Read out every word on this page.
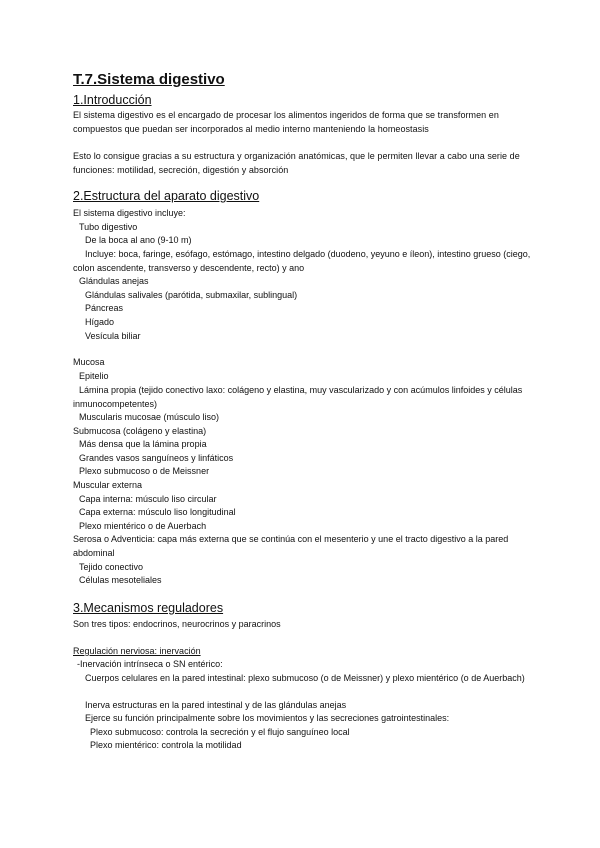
T.7.Sistema digestivo
1.Introducción

El sistema digestivo es el encargado de procesar los alimentos ingeridos de forma que se transformen en compuestos que puedan ser incorporados al medio interno manteniendo la homeostasis

Esto lo consigue gracias a su estructura y organización anatómicas, que le permiten llevar a cabo una serie de funciones: motilidad, secreción, digestión y absorción

2.Estructura del aparato digestivo

El sistema digestivo incluye:

Tubo digestivo

De la boca al ano (9-10 m)

Incluye: boca, faringe, esófago, estómago, intestino delgado (duodeno, yeyuno e íleon), intestino grueso (ciego, colon ascendente, transverso y descendente, recto) y ano

Glándulas anejas

Glándulas salivales (parótida, submaxilar, sublingual)

Páncreas

Hígado

Vesícula biliar

Mucosa

Epitelio

Lámina propia (tejido conectivo laxo: colágeno y elastina, muy vascularizado y con acúmulos linfoides y células inmunocompetentes)

Muscularis mucosae (músculo liso)

Submucosa (colágeno y elastina)

Más densa que la lámina propia

Grandes vasos sanguíneos y linfáticos

Plexo submucoso o de Meissner

Muscular externa

Capa interna: músculo liso circular

Capa externa: músculo liso longitudinal

Plexo mientérico o de Auerbach

Serosa o Adventicia: capa más externa que se continúa con el mesenterio y une el tracto digestivo a la pared abdominal

Tejido conectivo

Células mesoteliales

3.Mecanismos reguladores

Son tres tipos: endocrinos, neurocrinos y paracrinos

Regulación nerviosa: inervación

-Inervación intrínseca o SN entérico:

Cuerpos celulares en la pared intestinal: plexo submucoso (o de Meissner) y plexo mientérico (o de Auerbach)

Inerva estructuras en la pared intestinal y de las glándulas anejas

Ejerce su función principalmente sobre los movimientos y las secreciones gatrointestinales:

Plexo submucoso: controla la secreción y el flujo sanguíneo local

Plexo mientérico: controla la motilidad
